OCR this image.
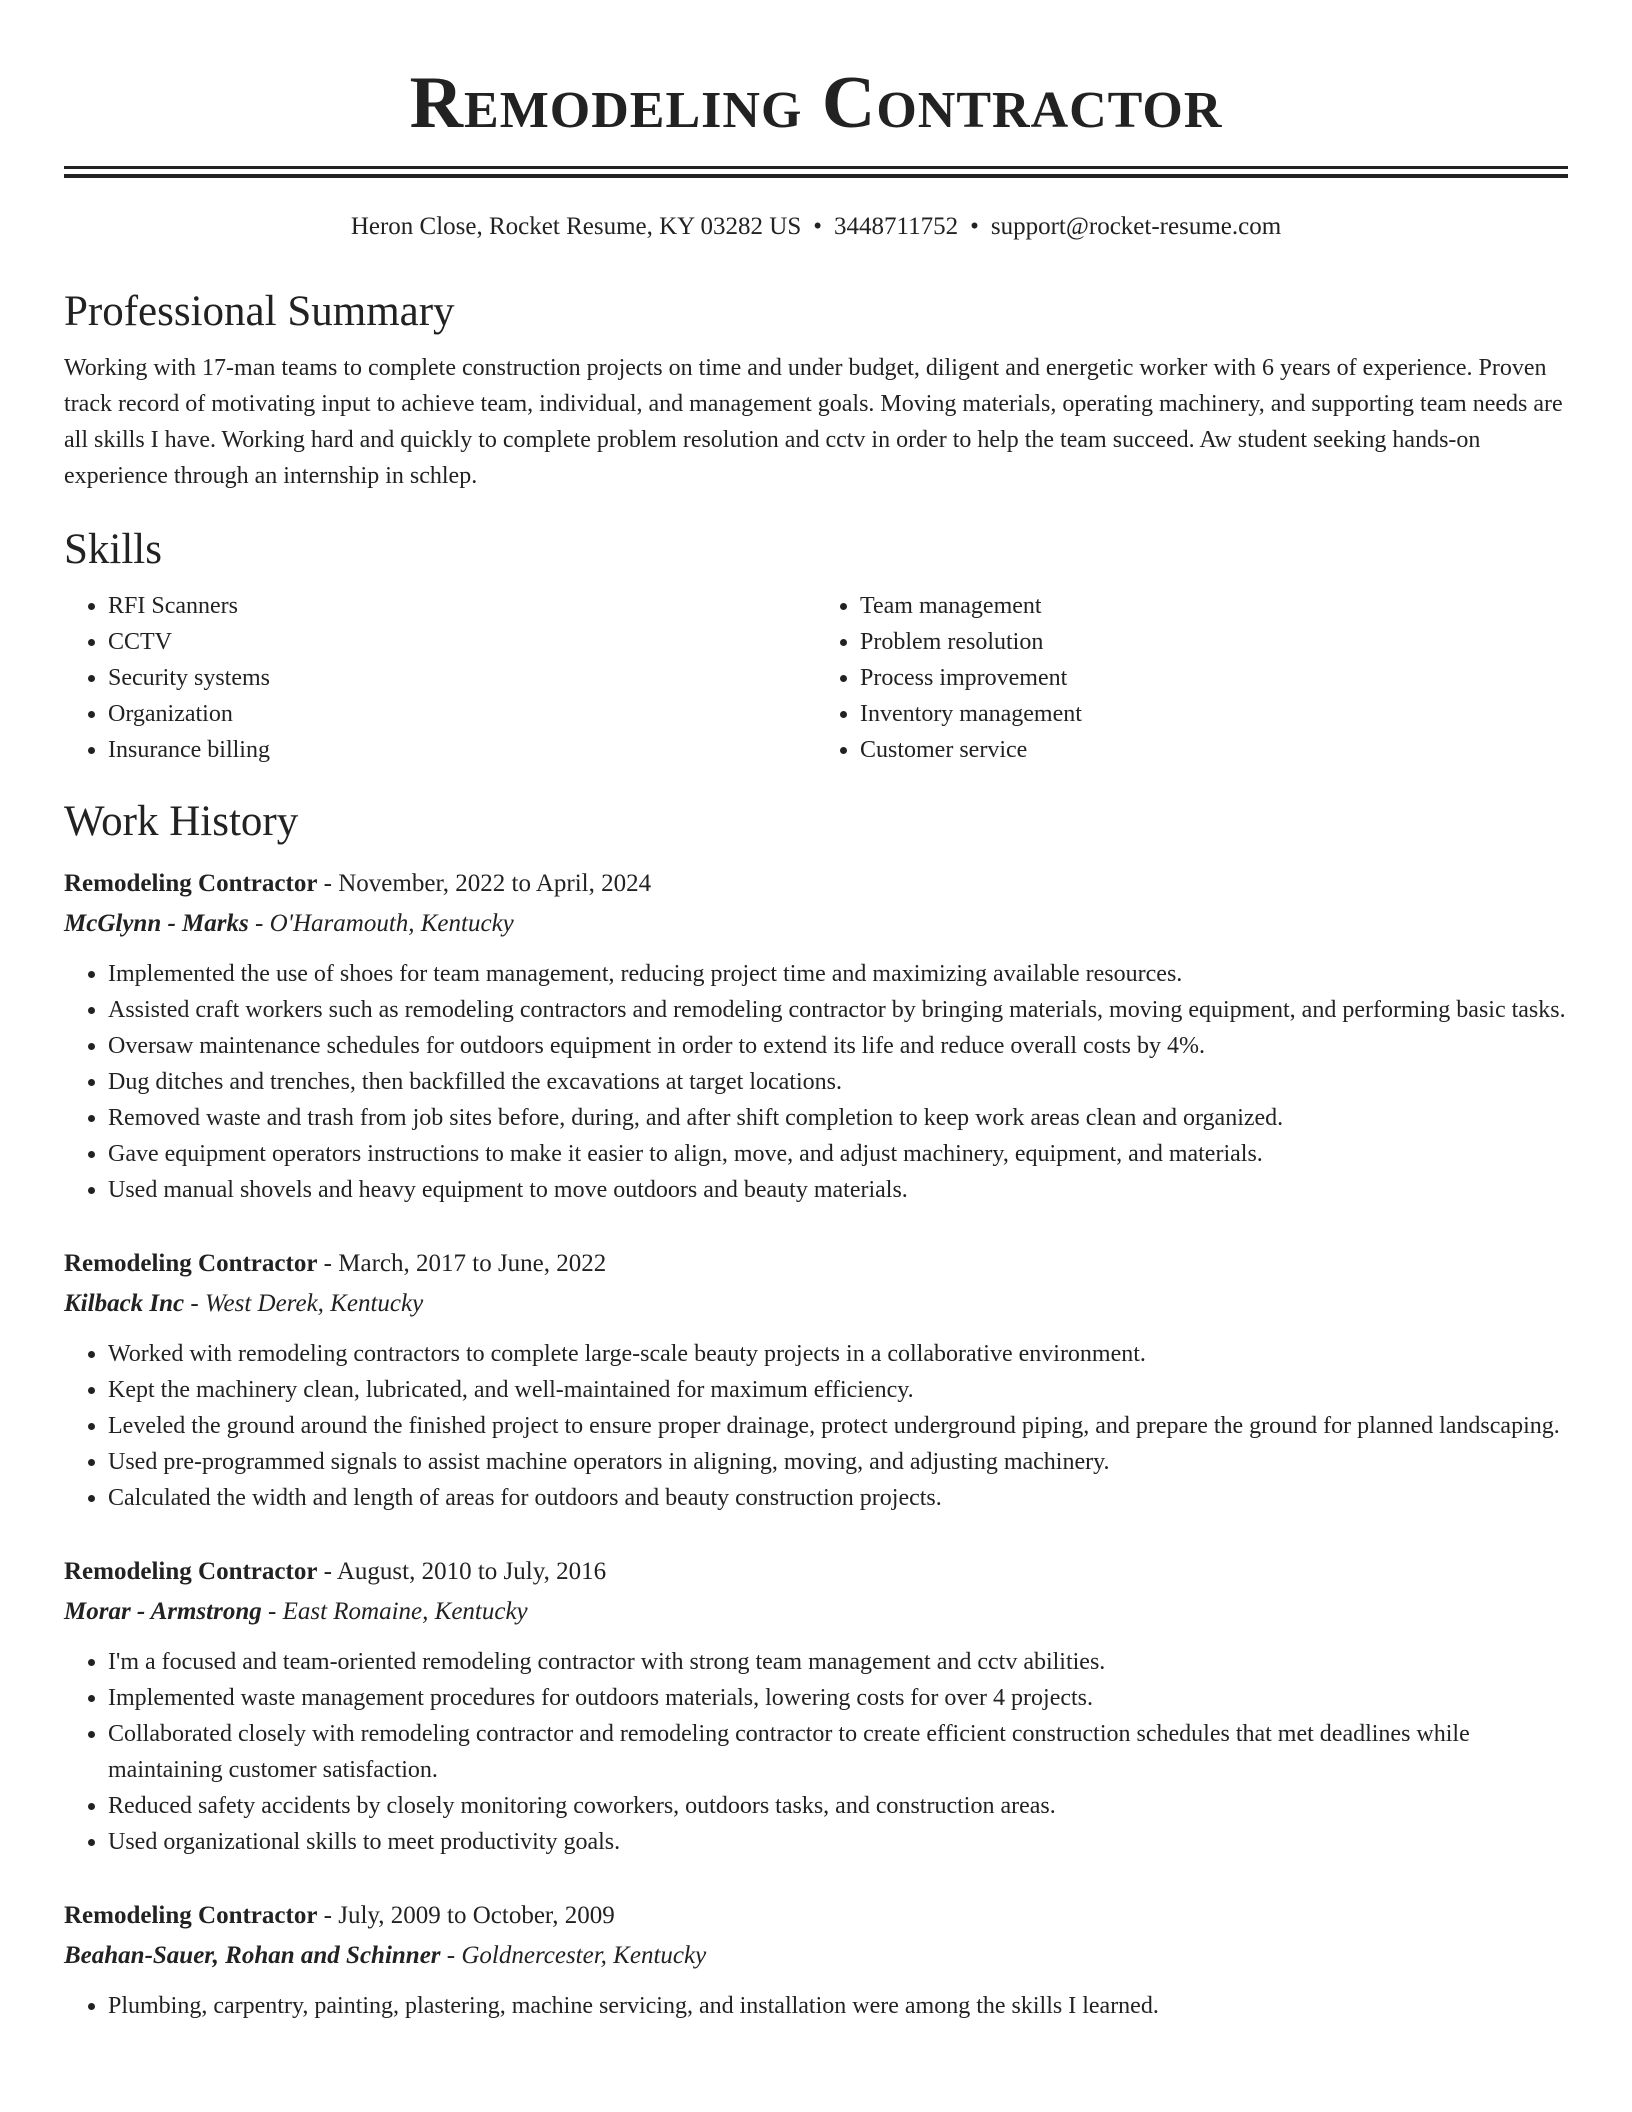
Remodeling Contractor
Heron Close, Rocket Resume, KY 03282 US • 3448711752 • support@rocket-resume.com
Professional Summary
Working with 17-man teams to complete construction projects on time and under budget, diligent and energetic worker with 6 years of experience. Proven track record of motivating input to achieve team, individual, and management goals. Moving materials, operating machinery, and supporting team needs are all skills I have. Working hard and quickly to complete problem resolution and cctv in order to help the team succeed. Aw student seeking hands-on experience through an internship in schlep.
Skills
• RFI Scanners
• CCTV
• Security systems
• Organization
• Insurance billing
• Team management
• Problem resolution
• Process improvement
• Inventory management
• Customer service
Work History
Remodeling Contractor - November, 2022 to April, 2024
McGlynn - Marks - O'Haramouth, Kentucky
• Implemented the use of shoes for team management, reducing project time and maximizing available resources.
• Assisted craft workers such as remodeling contractors and remodeling contractor by bringing materials, moving equipment, and performing basic tasks.
• Oversaw maintenance schedules for outdoors equipment in order to extend its life and reduce overall costs by 4%.
• Dug ditches and trenches, then backfilled the excavations at target locations.
• Removed waste and trash from job sites before, during, and after shift completion to keep work areas clean and organized.
• Gave equipment operators instructions to make it easier to align, move, and adjust machinery, equipment, and materials.
• Used manual shovels and heavy equipment to move outdoors and beauty materials.
Remodeling Contractor - March, 2017 to June, 2022
Kilback Inc - West Derek, Kentucky
• Worked with remodeling contractors to complete large-scale beauty projects in a collaborative environment.
• Kept the machinery clean, lubricated, and well-maintained for maximum efficiency.
• Leveled the ground around the finished project to ensure proper drainage, protect underground piping, and prepare the ground for planned landscaping.
• Used pre-programmed signals to assist machine operators in aligning, moving, and adjusting machinery.
• Calculated the width and length of areas for outdoors and beauty construction projects.
Remodeling Contractor - August, 2010 to July, 2016
Morar - Armstrong - East Romaine, Kentucky
• I'm a focused and team-oriented remodeling contractor with strong team management and cctv abilities.
• Implemented waste management procedures for outdoors materials, lowering costs for over 4 projects.
• Collaborated closely with remodeling contractor and remodeling contractor to create efficient construction schedules that met deadlines while maintaining customer satisfaction.
• Reduced safety accidents by closely monitoring coworkers, outdoors tasks, and construction areas.
• Used organizational skills to meet productivity goals.
Remodeling Contractor - July, 2009 to October, 2009
Beahan-Sauer, Rohan and Schinner - Goldnercester, Kentucky
• Plumbing, carpentry, painting, plastering, machine servicing, and installation were among the skills I learned.
